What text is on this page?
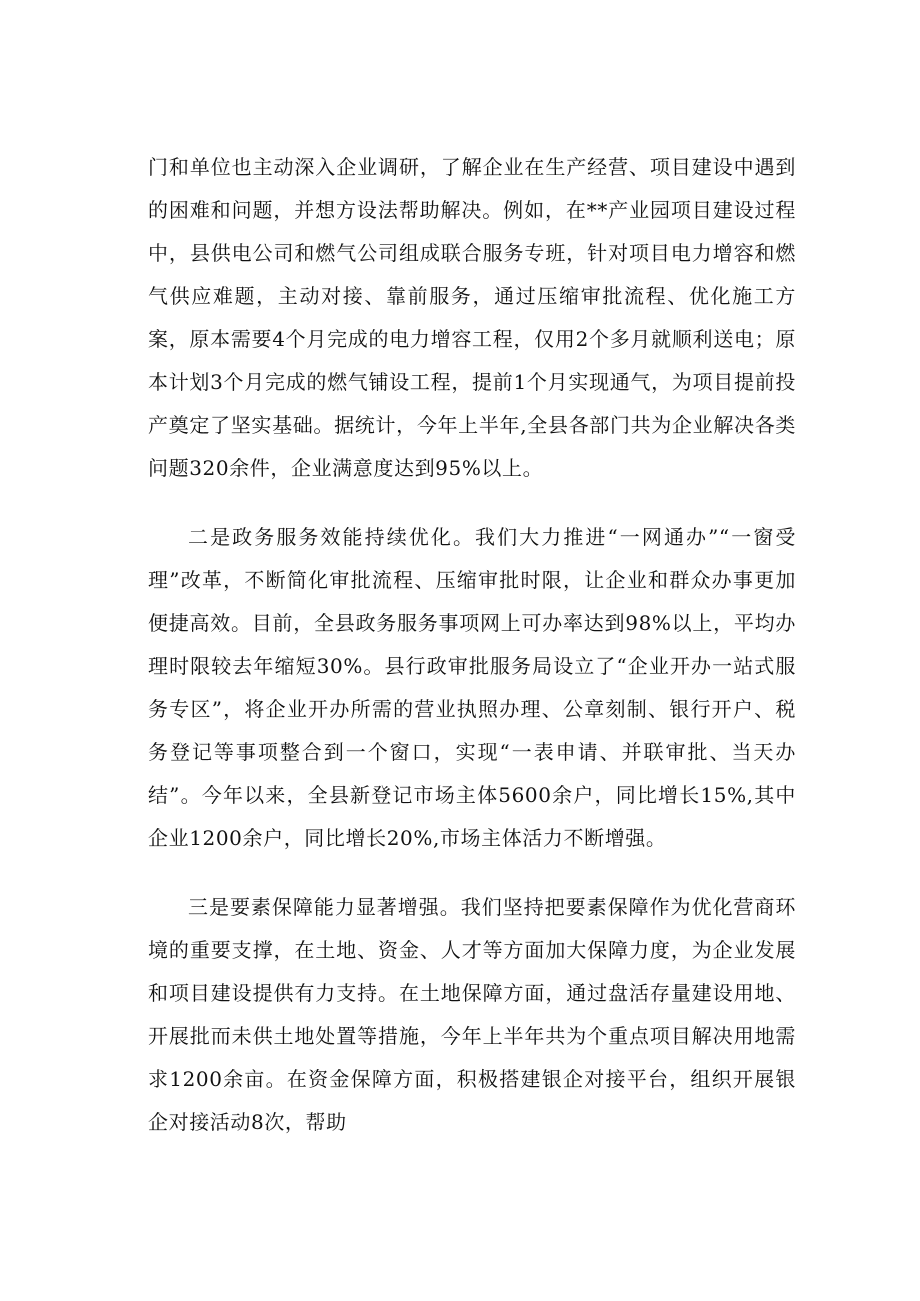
门和单位也主动深入企业调研，了解企业在生产经营、项目建设中遇到的困难和问题，并想方设法帮助解决。例如，在**产业园项目建设过程中，县供电公司和燃气公司组成联合服务专班，针对项目电力增容和燃气供应难题，主动对接、靠前服务，通过压缩审批流程、优化施工方案，原本需要4个月完成的电力增容工程，仅用2个多月就顺利送电；原本计划3个月完成的燃气铺设工程，提前1个月实现通气，为项目提前投产奠定了坚实基础。据统计，今年上半年,全县各部门共为企业解决各类问题320余件，企业满意度达到95%以上。

二是政务服务效能持续优化。我们大力推进“一网通办”“一窗受理”改革，不断简化审批流程、压缩审批时限，让企业和群众办事更加便捷高效。目前，全县政务服务事项网上可办率达到98%以上，平均办理时限较去年缩短30%。县行政审批服务局设立了“企业开办一站式服务专区”，将企业开办所需的营业执照办理、公章刻制、银行开户、税务登记等事项整合到一个窗口，实现“一表申请、并联审批、当天办结”。今年以来，全县新登记市场主体5600余户，同比增长15%,其中企业1200余户，同比增长20%,市场主体活力不断增强。

三是要素保障能力显著增强。我们坚持把要素保障作为优化营商环境的重要支撑，在土地、资金、人才等方面加大保障力度，为企业发展和项目建设提供有力支持。在土地保障方面，通过盘活存量建设用地、开展批而未供土地处置等措施，今年上半年共为个重点项目解决用地需求1200余亩。在资金保障方面，积极搭建银企对接平台，组织开展银企对接活动8次，帮助
